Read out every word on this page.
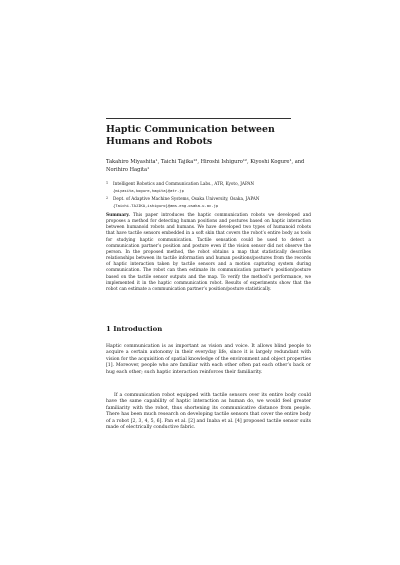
Haptic Communication between Humans and Robots
Takahiro Miyashita¹, Taichi Tajika¹², Hiroshi Ishiguro¹², Kiyoshi Kogure¹, and Norihiro Hagita¹
1 Intelligent Robotics and Communication Labs., ATR, Kyoto, JAPAN
{miyasita,kogure,hagita}@atr.jp
2 Dept. of Adaptive Machine Systems, Osaka University, Osaka, JAPAN
{Taichi.TAJIKA,ishiguro}@ams.eng.osaka-u.ac.jp
Summary. This paper introduces the haptic communication robots we developed and proposes a method for detecting human positions and postures based on haptic interaction between humanoid robots and humans. We have developed two types of humanoid robots that have tactile sensors embedded in a soft skin that covers the robot’s entire body as tools for studying haptic communication. Tactile sensation could be used to detect a communication partner’s position and posture even if the vision sensor did not observe the person. In the proposed method, the robot obtains a map that statistically describes relationships between its tactile information and human positions/postures from the records of haptic interaction taken by tactile sensors and a motion capturing system during communication. The robot can then estimate its communication partner’s position/posture based on the tactile sensor outputs and the map. To verify the method’s performance, we implemented it in the haptic communication robot. Results of experiments show that the robot can estimate a communication partner’s position/posture statistically.
1 Introduction
Haptic communication is as important as vision and voice. It allows blind people to acquire a certain autonomy in their everyday life, since it is largely redundant with vision for the acquisition of spatial knowledge of the environment and object properties [1]. Moreover, people who are familiar with each other often pat each other’s back or hug each other; such haptic interaction reinforces their familiarity.
If a communication robot equipped with tactile sensors over its entire body could have the same capability of haptic interaction as human do, we would feel greater familiarity with the robot, thus shortening its communicative distance from people. There has been much research on developing tactile sensors that cover the entire body of a robot [2, 3, 4, 5, 6]. Pan et al. [2] and Inaba et al. [4] proposed tactile sensor suits made of electrically conductive fabric.
